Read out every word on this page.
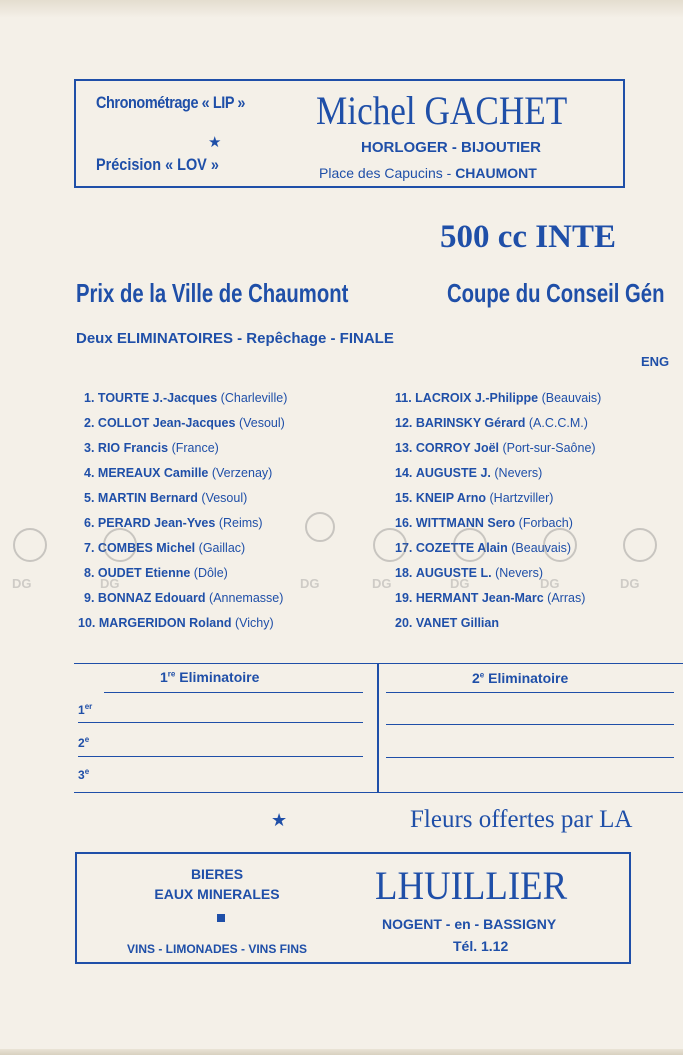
Chronométrage « LIP »
★
Précision « LOV »
Michel GACHET
HORLOGER - BIJOUTIER
Place des Capucins - CHAUMONT
500 cc INTE
Prix de la Ville de Chaumont	Coupe du Conseil Gén
Deux ELIMINATOIRES - Repêchage - FINALE
ENG
1. TOURTE J.-Jacques (Charleville)
2. COLLOT Jean-Jacques (Vesoul)
3. RIO Francis (France)
4. MEREAUX Camille (Verzenay)
5. MARTIN Bernard (Vesoul)
6. PERARD Jean-Yves (Reims)
7. COMBES Michel (Gaillac)
8. OUDET Etienne (Dôle)
9. BONNAZ Edouard (Annemasse)
10. MARGERIDON Roland (Vichy)
11. LACROIX J.-Philippe (Beauvais)
12. BARINSKY Gérard (A.C.C.M.)
13. CORROY Joël (Port-sur-Saône)
14. AUGUSTE J. (Nevers)
15. KNEIP Arno (Hartzviller)
16. WITTMANN Sero (Forbach)
17. COZETTE Alain (Beauvais)
18. AUGUSTE L. (Nevers)
19. HERMANT Jean-Marc (Arras)
20. VANET Gillian
DG	DG	DG	DG	DG	DG	DG
1re Eliminatoire	2e Eliminatoire
1er
2e
3e
★	Fleurs offertes par LA
BIERES
EAUX MINERALES
VINS - LIMONADES - VINS FINS
LHUILLIER
NOGENT - en - BASSIGNY
Tél. 1.12
